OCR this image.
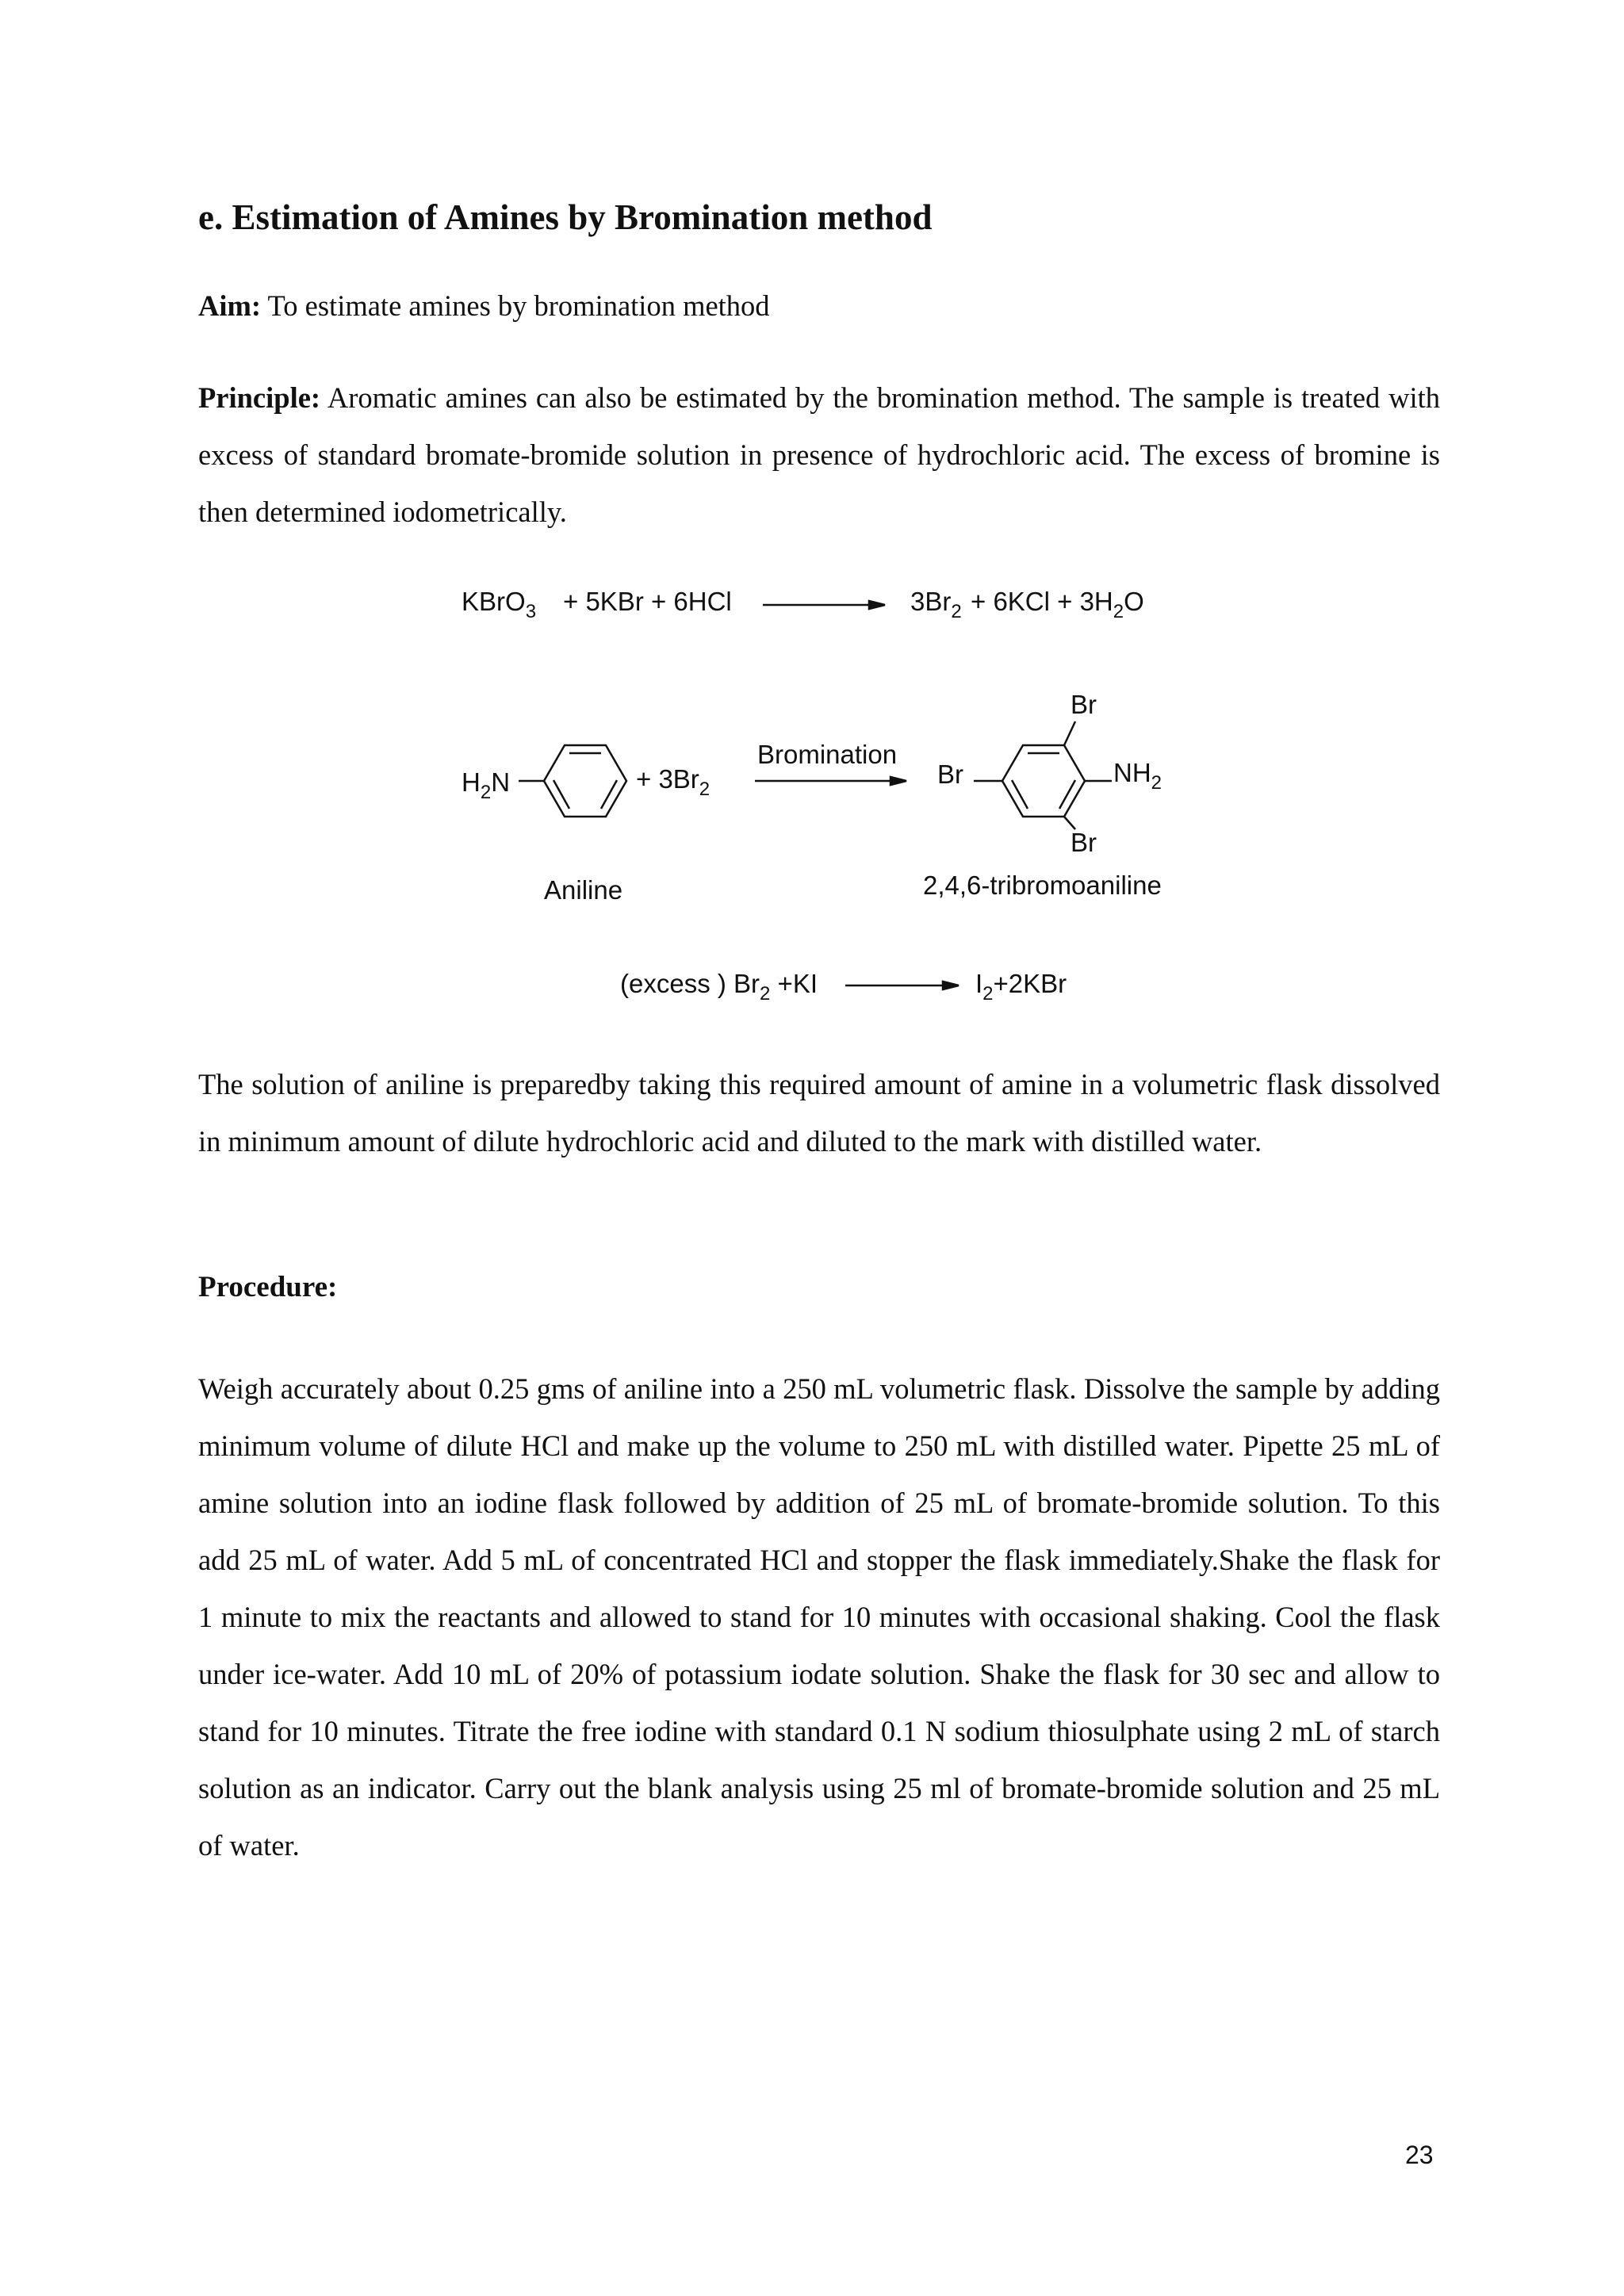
e. Estimation of Amines by Bromination method

Aim: To estimate amines by bromination method

Principle: Aromatic amines can also be estimated by the bromination method. The sample is treated with excess of standard bromate-bromide solution in presence of hydrochloric acid. The excess of bromine is then determined iodometrically.

KBrO$_3$ + 5KBr + 6HCl	$3Br_2 + 6KCl + 3H_2O$
$H_2N$	+ $3Br_2$
Bromination
Br
Br
Br
$NH_2$
Aniline	2,4,6-tribromoaniline
(excess ) $Br_2 +KI$	$I_2+2KBr$

The solution of aniline is preparedby taking this required amount of amine in a volumetric flask dissolved in minimum amount of dilute hydrochloric acid and diluted to the mark with distilled water.

Procedure:

Weigh accurately about 0.25 gms of aniline into a 250 mL volumetric flask. Dissolve the sample by adding minimum volume of dilute HCl and make up the volume to 250 mL with distilled water. Pipette 25 mL of amine solution into an iodine flask followed by addition of 25 mL of bromate-bromide solution. To this add 25 mL of water. Add 5 mL of concentrated HCl and stopper the flask immediately.Shake the flask for 1 minute to mix the reactants and allowed to stand for 10 minutes with occasional shaking. Cool the flask under ice-water. Add 10 mL of 20% of potassium iodate solution. Shake the flask for 30 sec and allow to stand for 10 minutes. Titrate the free iodine with standard 0.1 N sodium thiosulphate using 2 mL of starch solution as an indicator. Carry out the blank analysis using 25 ml of bromate-bromide solution and 25 mL of water.

23
